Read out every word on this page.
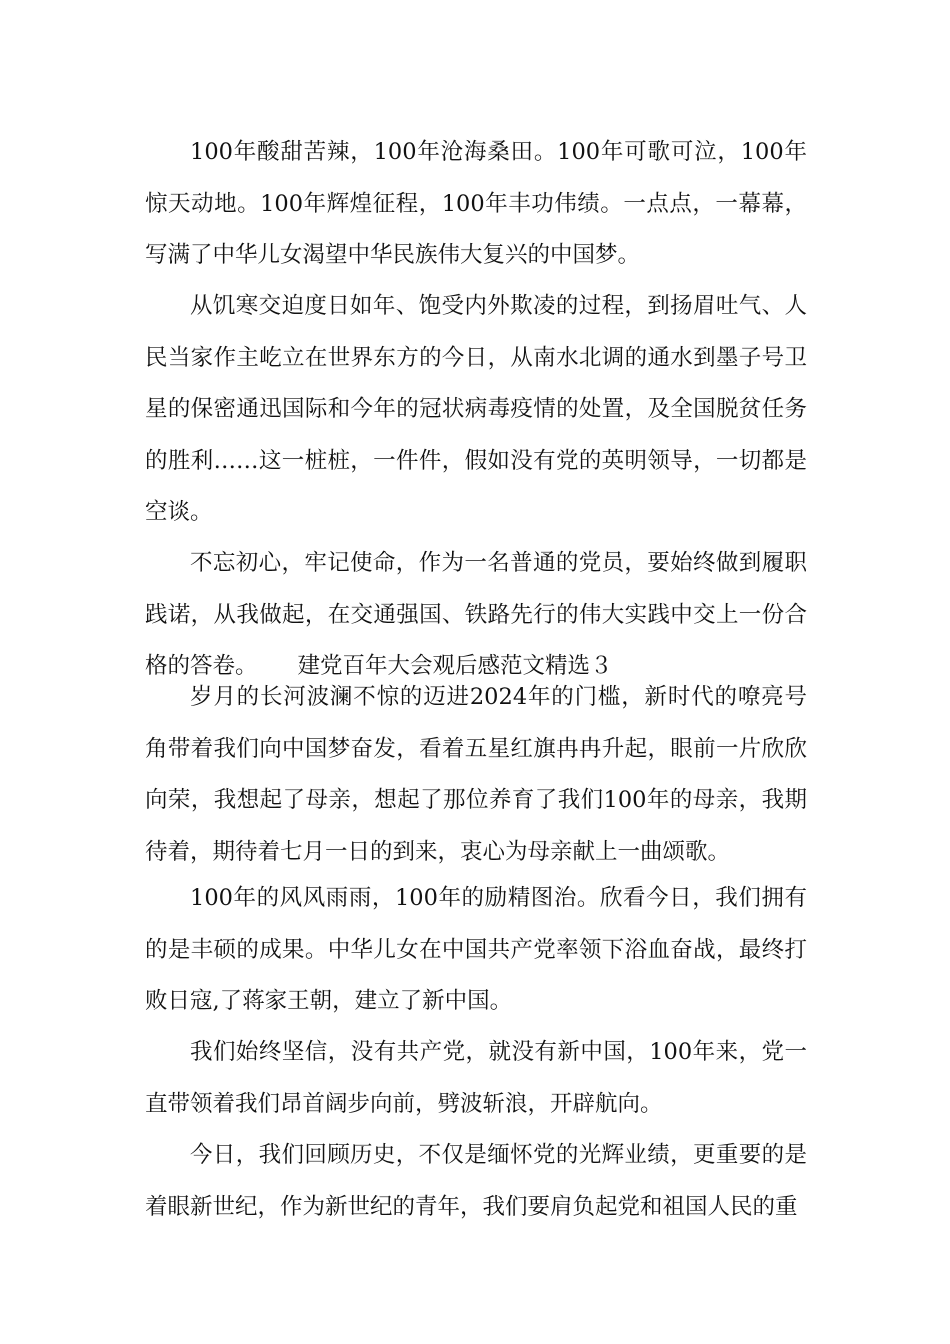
100年酸甜苦辣，100年沧海桑田。100年可歌可泣，100年惊天动地。100年辉煌征程，100年丰功伟绩。一点点，一幕幕，写满了中华儿女渴望中华民族伟大复兴的中国梦。

从饥寒交迫度日如年、饱受内外欺凌的过程，到扬眉吐气、人民当家作主屹立在世界东方的今日，从南水北调的通水到墨子号卫星的保密通迅国际和今年的冠状病毒疫情的处置，及全国脱贫任务的胜利……这一桩桩，一件件，假如没有党的英明领导，一切都是空谈。

不忘初心，牢记使命，作为一名普通的党员，要始终做到履职践诺，从我做起，在交通强国、铁路先行的伟大实践中交上一份合格的答卷。 建党百年大会观后感范文精选３

岁月的长河波澜不惊的迈进2024年的门槛，新时代的嘹亮号角带着我们向中国梦奋发，看着五星红旗冉冉升起，眼前一片欣欣向荣，我想起了母亲，想起了那位养育了我们100年的母亲，我期待着，期待着七月一日的到来，衷心为母亲献上一曲颂歌。

100年的风风雨雨，100年的励精图治。欣看今日，我们拥有的是丰硕的成果。中华儿女在中国共产党率领下浴血奋战，最终打败日寇,了蒋家王朝，建立了新中国。

我们始终坚信，没有共产党，就没有新中国，100年来，党一直带领着我们昂首阔步向前，劈波斩浪，开辟航向。

今日，我们回顾历史，不仅是缅怀党的光辉业绩，更重要的是着眼新世纪，作为新世纪的青年，我们要肩负起党和祖国人民的重
